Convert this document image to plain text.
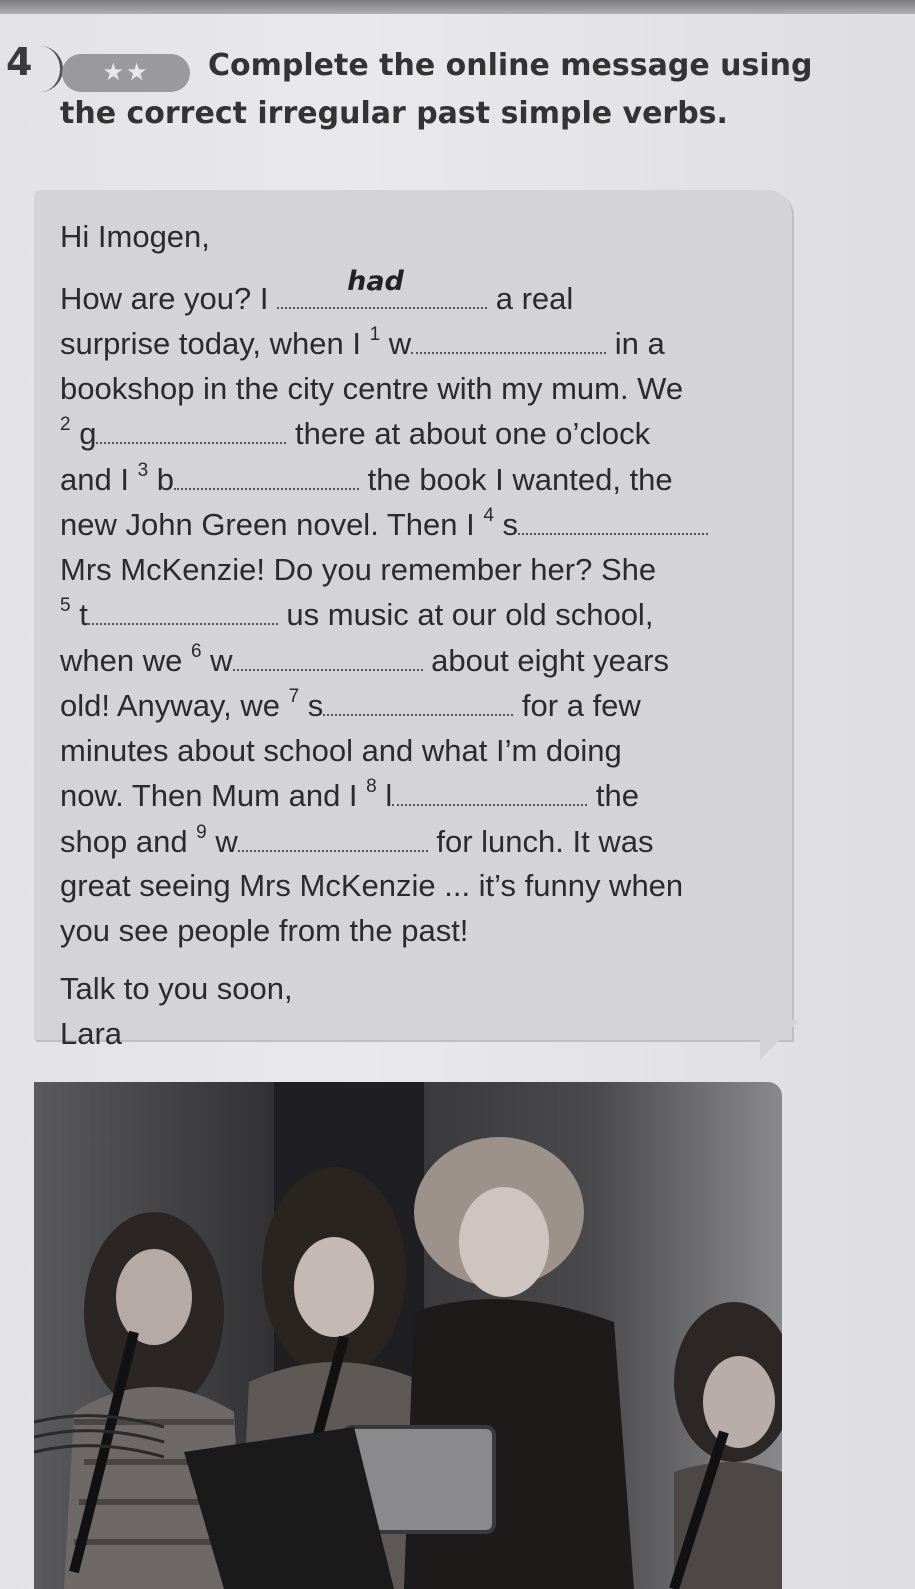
4	★★	Complete the online message using the correct irregular past simple verbs.

Hi Imogen,

How are you? I	had	a real

surprise today, when I $^1$ w	in a

bookshop in the city centre with my mum. We

$^2$ g	there at about one o’clock

and I $^3$ b	the book I wanted, the

new John Green novel. Then I $^4$ s

Mrs McKenzie! Do you remember her? She

$^5$ t	us music at our old school,

when we $^6$ w	about eight years

old! Anyway, we $^7$ s	for a few

minutes about school and what I’m doing

now. Then Mum and I $^8$ l	the

shop and $^9$ w	for lunch. It was

great seeing Mrs McKenzie ... it’s funny when

you see people from the past!

Talk to you soon,

Lara
